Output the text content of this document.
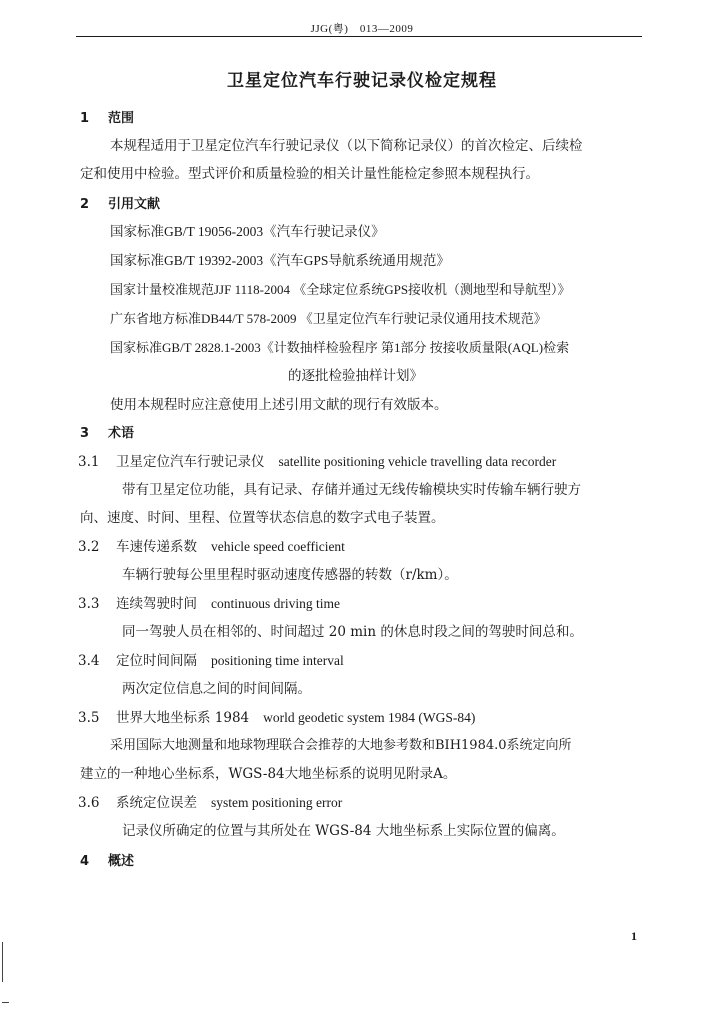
JJG(粤)　013—2009
卫星定位汽车行驶记录仪检定规程
1 范围
本规程适用于卫星定位汽车行驶记录仪（以下简称记录仪）的首次检定、后续检
定和使用中检验。型式评价和质量检验的相关计量性能检定参照本规程执行。
2 引用文献
国家标准GB/T 19056-2003《汽车行驶记录仪》
国家标准GB/T 19392-2003《汽车GPS导航系统通用规范》
国家计量校准规范JJF 1118-2004 《全球定位系统GPS接收机（测地型和导航型）》
广东省地方标准DB44/T 578-2009 《卫星定位汽车行驶记录仪通用技术规范》
国家标准GB/T 2828.1-2003《计数抽样检验程序 第1部分 按接收质量限(AQL)检索
的逐批检验抽样计划》
使用本规程时应注意使用上述引用文献的现行有效版本。
3 术语
3.1 卫星定位汽车行驶记录仪 satellite positioning vehicle travelling data recorder
带有卫星定位功能，具有记录、存储并通过无线传输模块实时传输车辆行驶方
向、速度、时间、里程、位置等状态信息的数字式电子装置。
3.2 车速传递系数 vehicle speed coefficient
车辆行驶每公里里程时驱动速度传感器的转数（r/km）。
3.3 连续驾驶时间 continuous driving time
同一驾驶人员在相邻的、时间超过 20 min 的休息时段之间的驾驶时间总和。
3.4 定位时间间隔 positioning time interval
两次定位信息之间的时间间隔。
3.5 世界大地坐标系 1984 world geodetic system 1984 (WGS-84)
采用国际大地测量和地球物理联合会推荐的大地参考数和BIH1984.0系统定向所
建立的一种地心坐标系，WGS-84大地坐标系的说明见附录A。
3.6 系统定位误差 system positioning error
记录仪所确定的位置与其所处在 WGS-84 大地坐标系上实际位置的偏离。
4 概述
1
